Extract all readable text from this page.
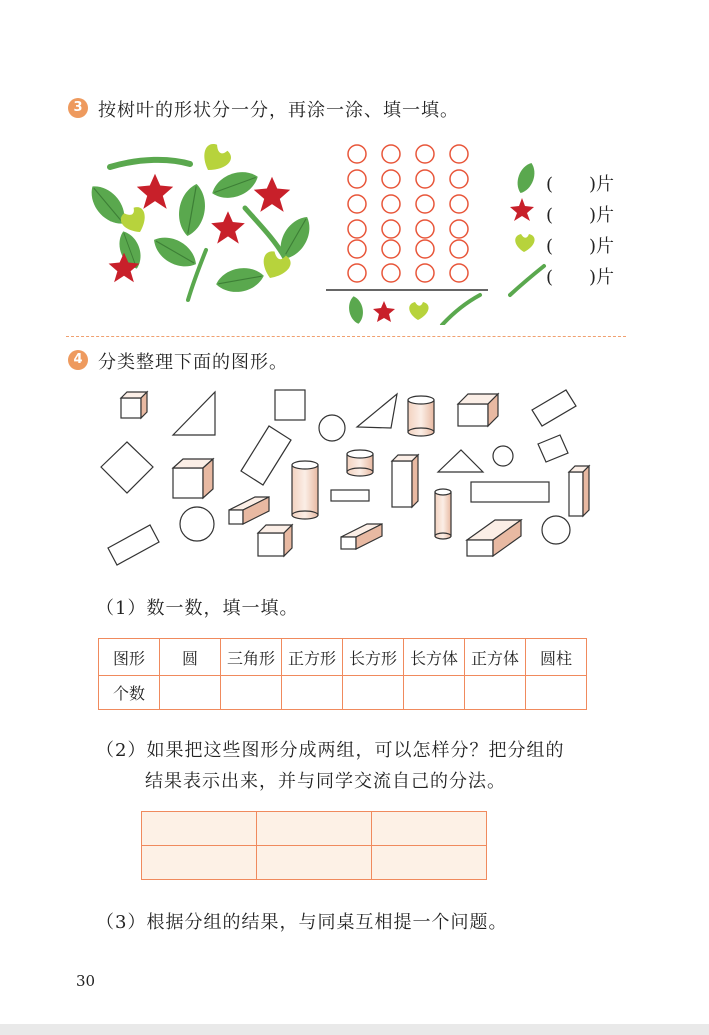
3 按树叶的形状分一分，再涂一涂、填一填。
(　　)片
(　　)片
(　　)片
(　　)片
4 分类整理下面的图形。
（1）数一数，填一填。
图形	圆	三角形	正方形	长方形	长方体	正方体	圆柱
个数							
（2）如果把这些图形分成两组，可以怎样分？把分组的
结果表示出来，并与同学交流自己的分法。

（3）根据分组的结果，与同桌互相提一个问题。
30
